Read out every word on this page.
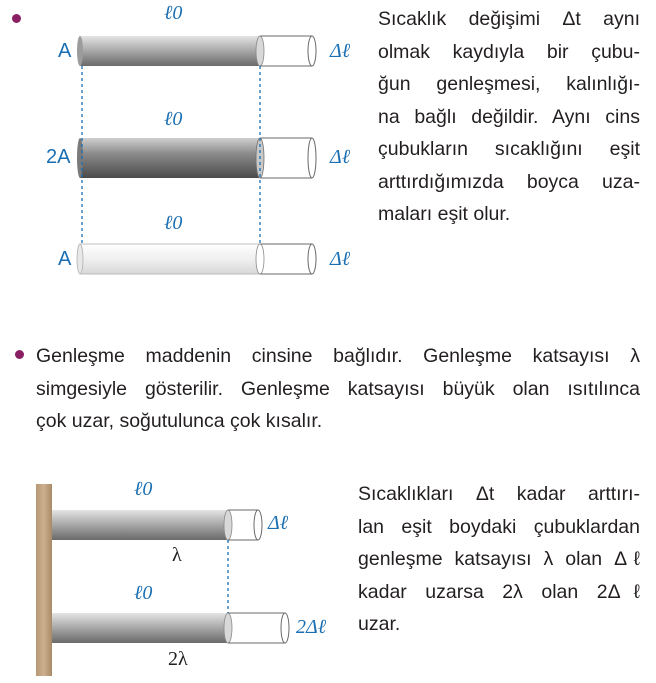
ℓ0
ℓ0
ℓ0
A
2A
A
Δℓ
Δℓ
Δℓ
Sıcaklık değişimi Δt aynı
olmak kaydıyla bir çubu-
ğun genleşmesi, kalınlığı-
na bağlı değildir. Aynı cins
çubukların sıcaklığını eşit
arttırdığımızda boyca uza-
maları eşit olur.
Genleşme maddenin cinsine bağlıdır. Genleşme katsayısı λ
simgesiyle gösterilir. Genleşme katsayısı büyük olan ısıtılınca
çok uzar, soğutulunca çok kısalır.
ℓ0
ℓ0
Δℓ
2Δℓ
λ
2λ
Sıcaklıkları Δt kadar arttırı-
lan eşit boydaki çubuklardan
genleşme katsayısı λ olan Δℓ
kadar uzarsa 2λ olan 2Δℓ
uzar.
